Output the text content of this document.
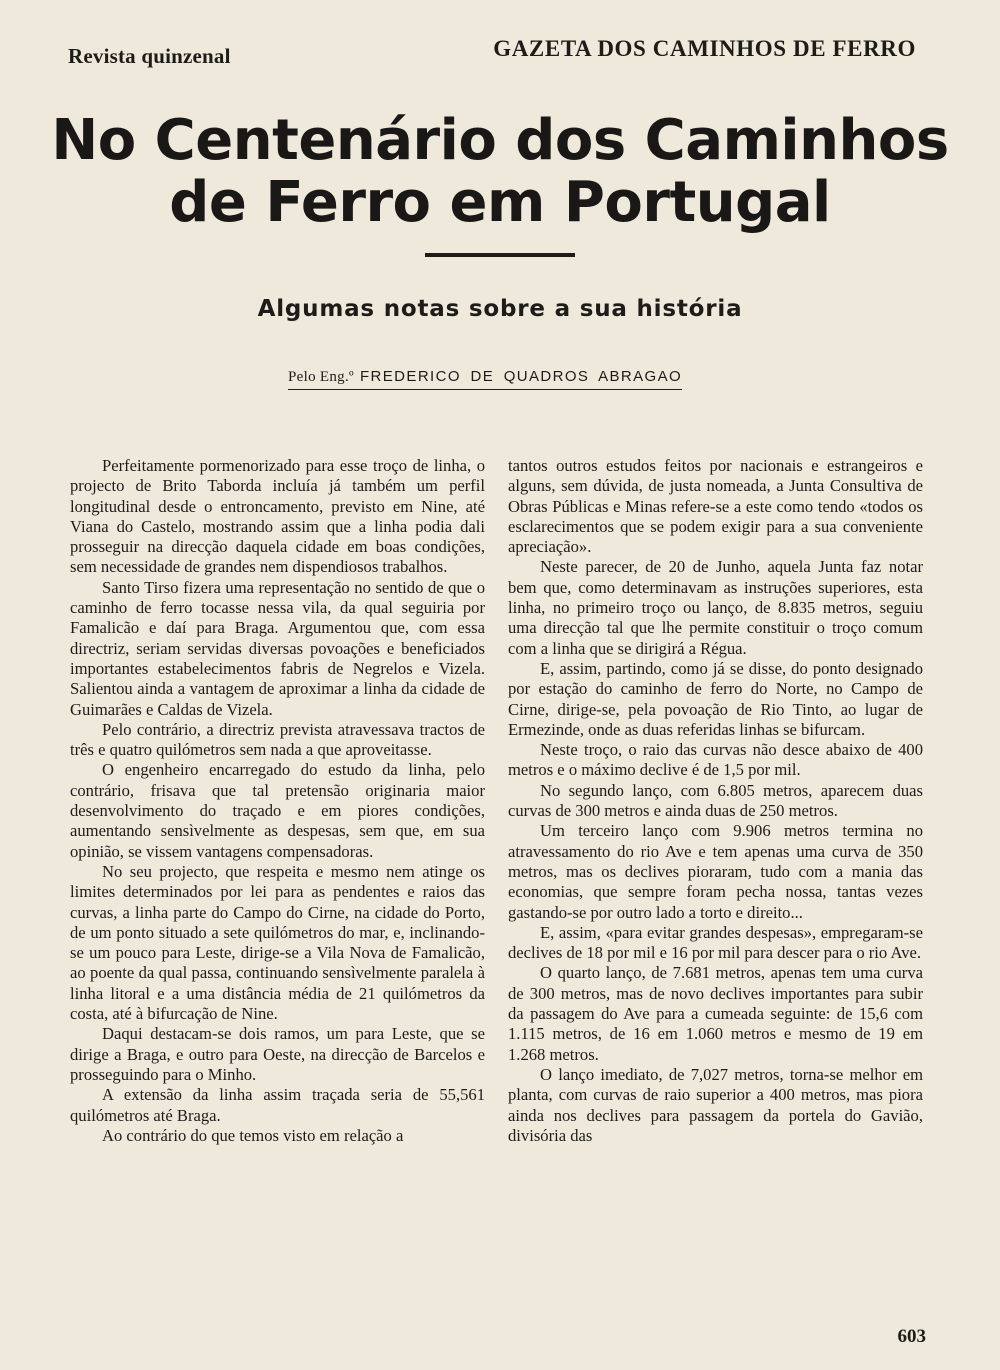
Revista quinzenal	GAZETA DOS CAMINHOS DE FERRO
No Centenário dos Caminhos
de Ferro em Portugal
Algumas notas sobre a sua história
Pelo Eng.º FREDERICO DE QUADROS ABRAGAO

Perfeitamente pormenorizado para esse troço de linha, o projecto de Brito Taborda incluía já também um perfil longitudinal desde o entroncamento, previsto em Nine, até Viana do Castelo, mostrando assim que a linha podia dali prosseguir na direcção daquela cidade em boas condições, sem necessidade de grandes nem dispendiosos trabalhos.

Santo Tirso fizera uma representação no sentido de que o caminho de ferro tocasse nessa vila, da qual seguiria por Famalicão e daí para Braga. Argumentou que, com essa directriz, seriam servidas diversas povoações e beneficiados importantes estabelecimentos fabris de Negrelos e Vizela. Salientou ainda a vantagem de aproximar a linha da cidade de Guimarães e Caldas de Vizela.

Pelo contrário, a directriz prevista atravessava tractos de três e quatro quilómetros sem nada a que aproveitasse.

O engenheiro encarregado do estudo da linha, pelo contrário, frisava que tal pretensão originaria maior desenvolvimento do traçado e em piores condições, aumentando sensìvelmente as despesas, sem que, em sua opinião, se vissem vantagens compensadoras.

No seu projecto, que respeita e mesmo nem atinge os limites determinados por lei para as pendentes e raios das curvas, a linha parte do Campo do Cirne, na cidade do Porto, de um ponto situado a sete quilómetros do mar, e, inclinando-se um pouco para Leste, dirige-se a Vila Nova de Famalicão, ao poente da qual passa, continuando sensìvelmente paralela à linha litoral e a uma distância média de 21 quilómetros da costa, até à bifurcação de Nine.

Daqui destacam-se dois ramos, um para Leste, que se dirige a Braga, e outro para Oeste, na direcção de Barcelos e prosseguindo para o Minho.

A extensão da linha assim traçada seria de 55,561 quilómetros até Braga.

Ao contrário do que temos visto em relação a

tantos outros estudos feitos por nacionais e estrangeiros e alguns, sem dúvida, de justa nomeada, a Junta Consultiva de Obras Públicas e Minas refere-se a este como tendo «todos os esclarecimentos que se podem exigir para a sua conveniente apreciação».

Neste parecer, de 20 de Junho, aquela Junta faz notar bem que, como determinavam as instruções superiores, esta linha, no primeiro troço ou lanço, de 8.835 metros, seguiu uma direcção tal que lhe permite constituir o troço comum com a linha que se dirigirá a Régua.

E, assim, partindo, como já se disse, do ponto designado por estação do caminho de ferro do Norte, no Campo de Cirne, dirige-se, pela povoação de Rio Tinto, ao lugar de Ermezinde, onde as duas referidas linhas se bifurcam.

Neste troço, o raio das curvas não desce abaixo de 400 metros e o máximo declive é de 1,5 por mil.

No segundo lanço, com 6.805 metros, aparecem duas curvas de 300 metros e ainda duas de 250 metros.

Um terceiro lanço com 9.906 metros termina no atravessamento do rio Ave e tem apenas uma curva de 350 metros, mas os declives pioraram, tudo com a mania das economias, que sempre foram pecha nossa, tantas vezes gastando-se por outro lado a torto e direito...

E, assim, «para evitar grandes despesas», empregaram-se declives de 18 por mil e 16 por mil para descer para o rio Ave.

O quarto lanço, de 7.681 metros, apenas tem uma curva de 300 metros, mas de novo declives importantes para subir da passagem do Ave para a cumeada seguinte: de 15,6 com 1.115 metros, de 16 em 1.060 metros e mesmo de 19 em 1.268 metros.

O lanço imediato, de 7,027 metros, torna-se melhor em planta, com curvas de raio superior a 400 metros, mas piora ainda nos declives para passagem da portela do Gavião, divisória das

603
